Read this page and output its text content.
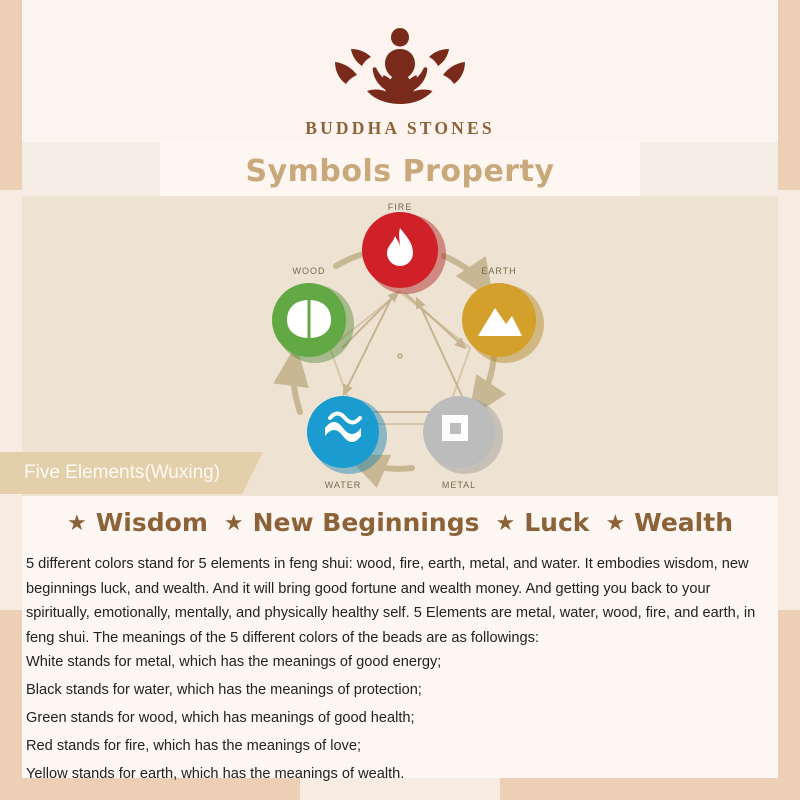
BUDDHA STONES
Symbols Property
FIRE
EARTH
METAL
WATER
WOOD
Five Elements(Wuxing)
★ Wisdom ★ New Beginnings ★ Luck ★ Wealth

5 different colors stand for 5 elements in feng shui: wood, fire, earth, metal, and water. It embodies wisdom, new beginnings luck, and wealth. And it will bring good fortune and wealth money. And getting you back to your spiritually, emotionally, mentally, and physically healthy self. 5 Elements are metal, water, wood, fire, and earth, in feng shui. The meanings of the 5 different colors of the beads are as followings:

White stands for metal, which has the meanings of good energy;
Black stands for water, which has the meanings of protection;
Green stands for wood, which has meanings of good health;
Red stands for fire, which has the meanings of love;
Yellow stands for earth, which has the meanings of wealth.
